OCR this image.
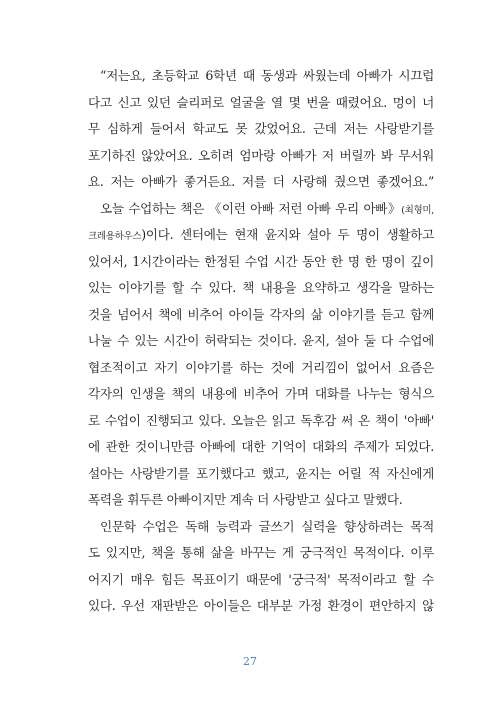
“저는요, 초등학교 6학년 때 동생과 싸웠는데 아빠가 시끄럽
다고 신고 있던 슬리퍼로 얼굴을 열 몇 번을 때렸어요. 멍이 너
무 심하게 들어서 학교도 못 갔었어요. 근데 저는 사랑받기를
포기하진 않았어요. 오히려 엄마랑 아빠가 저 버릴까 봐 무서워
요. 저는 아빠가 좋거든요. 저를 더 사랑해 줬으면 좋겠어요.”
오늘 수업하는 책은 《이런 아빠 저런 아빠 우리 아빠》(최형미,
크레용하우스)이다. 센터에는 현재 윤지와 설아 두 명이 생활하고
있어서, 1시간이라는 한정된 수업 시간 동안 한 명 한 명이 깊이
있는 이야기를 할 수 있다. 책 내용을 요약하고 생각을 말하는
것을 넘어서 책에 비추어 아이들 각자의 삶 이야기를 듣고 함께
나눌 수 있는 시간이 허락되는 것이다. 윤지, 설아 둘 다 수업에
협조적이고 자기 이야기를 하는 것에 거리낌이 없어서 요즘은
각자의 인생을 책의 내용에 비추어 가며 대화를 나누는 형식으
로 수업이 진행되고 있다. 오늘은 읽고 독후감 써 온 책이 '아빠'
에 관한 것이니만큼 아빠에 대한 기억이 대화의 주제가 되었다.
설아는 사랑받기를 포기했다고 했고, 윤지는 어릴 적 자신에게
폭력을 휘두른 아빠이지만 계속 더 사랑받고 싶다고 말했다.
인문학 수업은 독해 능력과 글쓰기 실력을 향상하려는 목적
도 있지만, 책을 통해 삶을 바꾸는 게 궁극적인 목적이다. 이루
어지기 매우 힘든 목표이기 때문에 '궁극적' 목적이라고 할 수
있다. 우선 재판받은 아이들은 대부분 가정 환경이 편안하지 않
27
